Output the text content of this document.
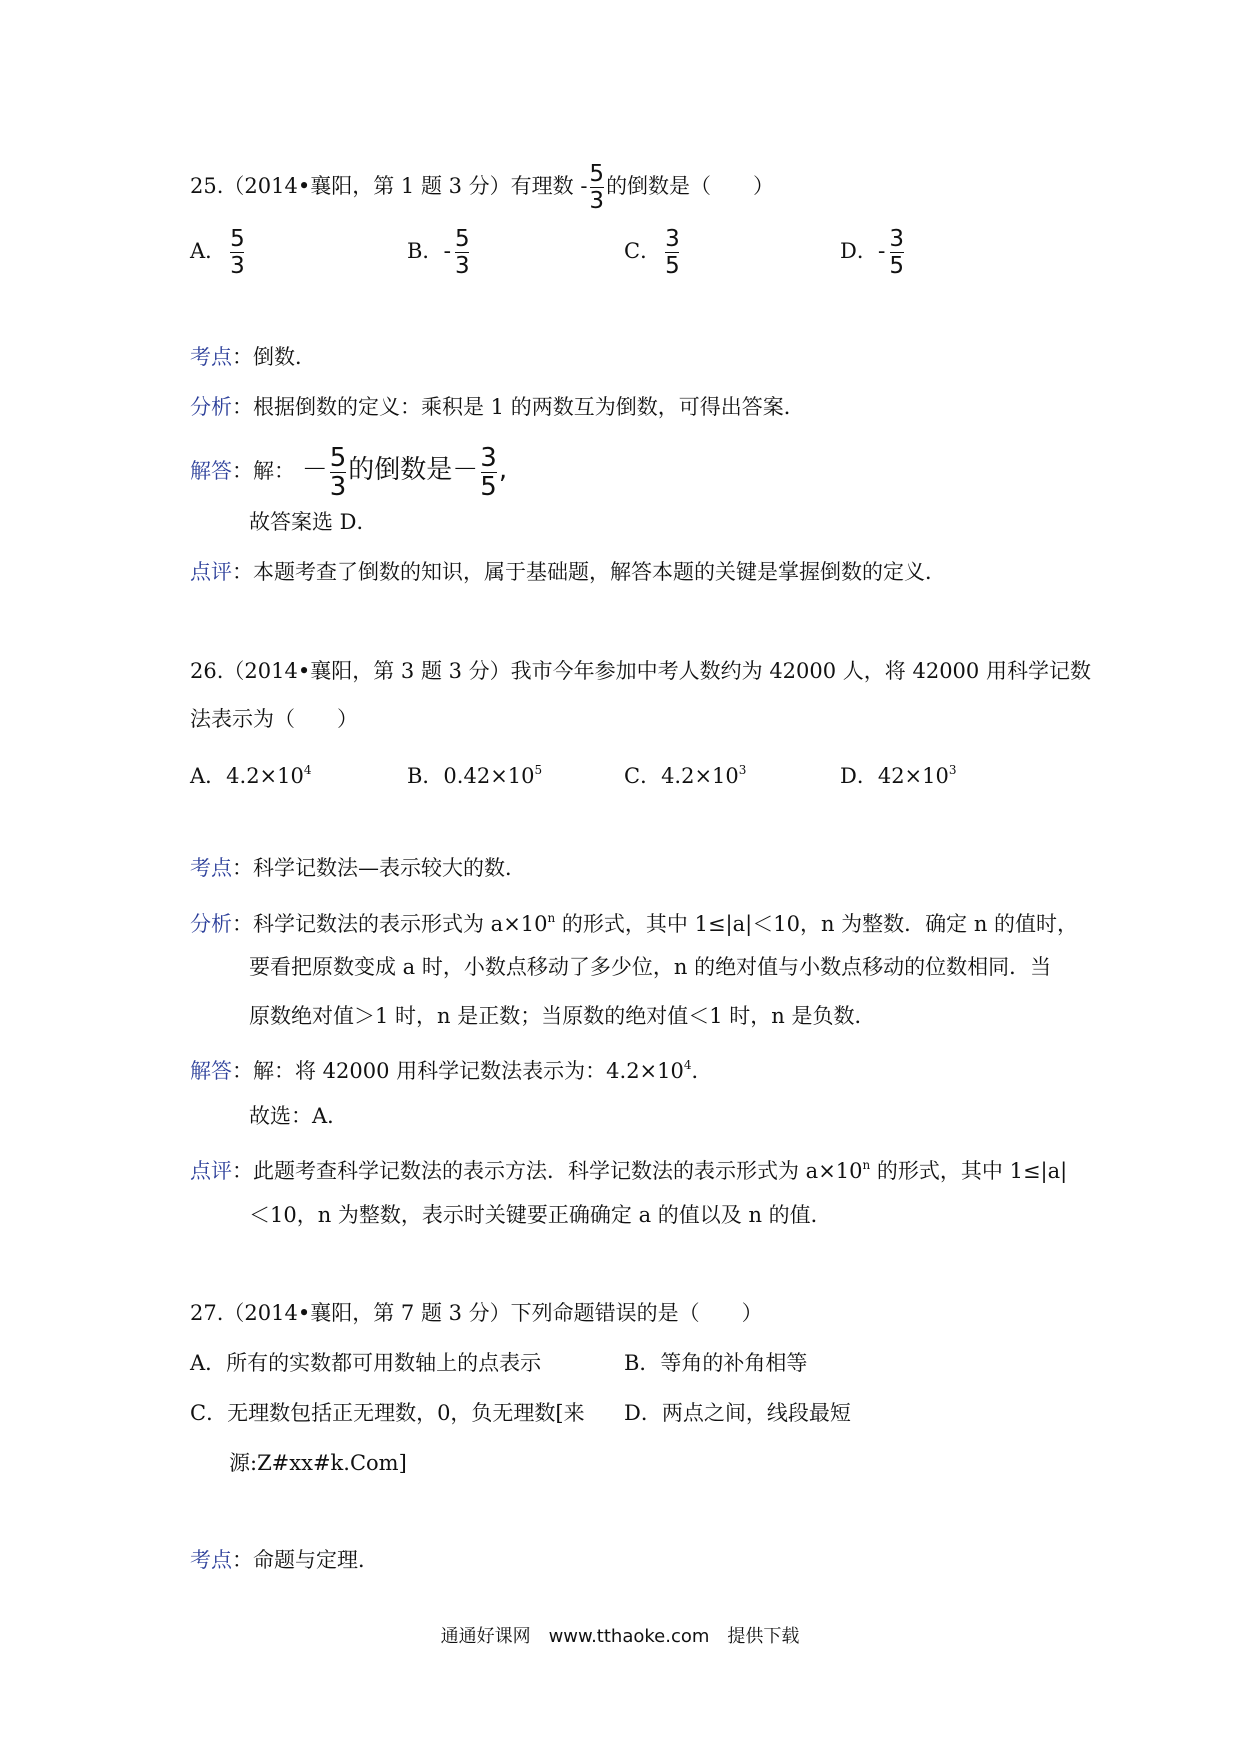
25.（2014•襄阳，第 1 题 3 分）有理数 - $\frac{5}{3}$ 的倒数是（　　）
A． $\frac{5}{3}$	B．- $\frac{5}{3}$	C． $\frac{3}{5}$	D．- $\frac{3}{5}$
考点：倒数．
分析：根据倒数的定义：乘积是 1 的两数互为倒数，可得出答案．
解答：解： － $\frac{5}{3}$ 的倒数是－ $\frac{3}{5}$ ,
故答案选 D．
点评：本题考查了倒数的知识，属于基础题，解答本题的关键是掌握倒数的定义．
26.（2014•襄阳，第 3 题 3 分）我市今年参加中考人数约为 42000 人，将 42000 用科学记数
法表示为（　　）
A．$4.2\times 10^4$	B．$0.42\times 10^5$	C．$4.2\times 10^3$	D．$42\times 10^3$
考点：科学记数法—表示较大的数．
分析：科学记数法的表示形式为 $a\times 10^n$ 的形式，其中 1≤|a|＜10，n 为整数．确定 n 的值时，
要看把原数变成 a 时，小数点移动了多少位，n 的绝对值与小数点移动的位数相同．当
原数绝对值＞1 时，n 是正数；当原数的绝对值＜1 时，n 是负数．
解答：解：将 42000 用科学记数法表示为：$4.2\times 10^4$．
故选：A．
点评：此题考查科学记数法的表示方法．科学记数法的表示形式为 $a\times 10^n$ 的形式，其中 1≤|a|
＜10，n 为整数，表示时关键要正确确定 a 的值以及 n 的值．
27.（2014•襄阳，第 7 题 3 分）下列命题错误的是（　　）
A．所有的实数都可用数轴上的点表示	B．等角的补角相等
C．无理数包括正无理数，0，负无理数[来 D．两点之间，线段最短
源:Z#xx#k.Com]
考点：命题与定理．
通通好课网　www.tthaoke.com　提供下载
